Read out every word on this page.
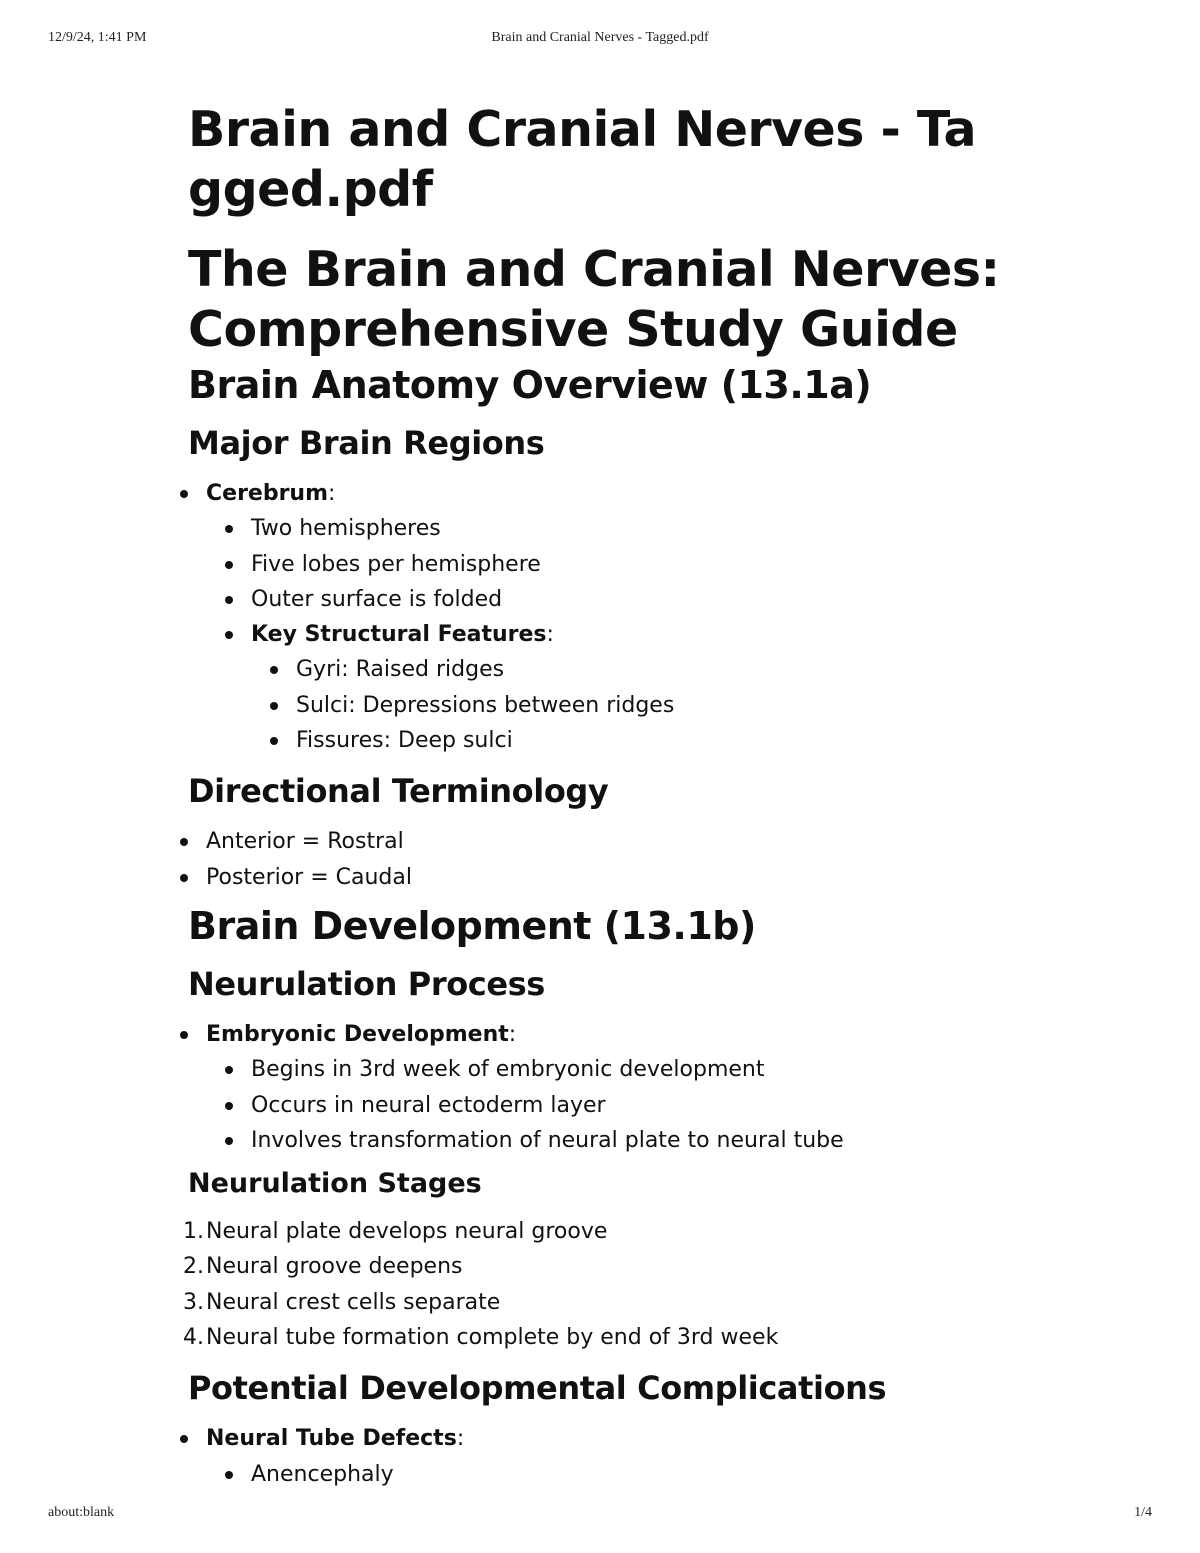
12/9/24, 1:41 PM	Brain and Cranial Nerves - Tagged.pdf
Brain and Cranial Nerves - Tagged.pdf
The Brain and Cranial Nerves:
Comprehensive Study Guide
Brain Anatomy Overview (13.1a)
Major Brain Regions
Cerebrum:
Two hemispheres
Five lobes per hemisphere
Outer surface is folded
Key Structural Features:
Gyri: Raised ridges
Sulci: Depressions between ridges
Fissures: Deep sulci
Directional Terminology
Anterior = Rostral
Posterior = Caudal
Brain Development (13.1b)
Neurulation Process
Embryonic Development:
Begins in 3rd week of embryonic development
Occurs in neural ectoderm layer
Involves transformation of neural plate to neural tube
Neurulation Stages
1. Neural plate develops neural groove
2. Neural groove deepens
3. Neural crest cells separate
4. Neural tube formation complete by end of 3rd week
Potential Developmental Complications
Neural Tube Defects:
Anencephaly
about:blank	1/4
